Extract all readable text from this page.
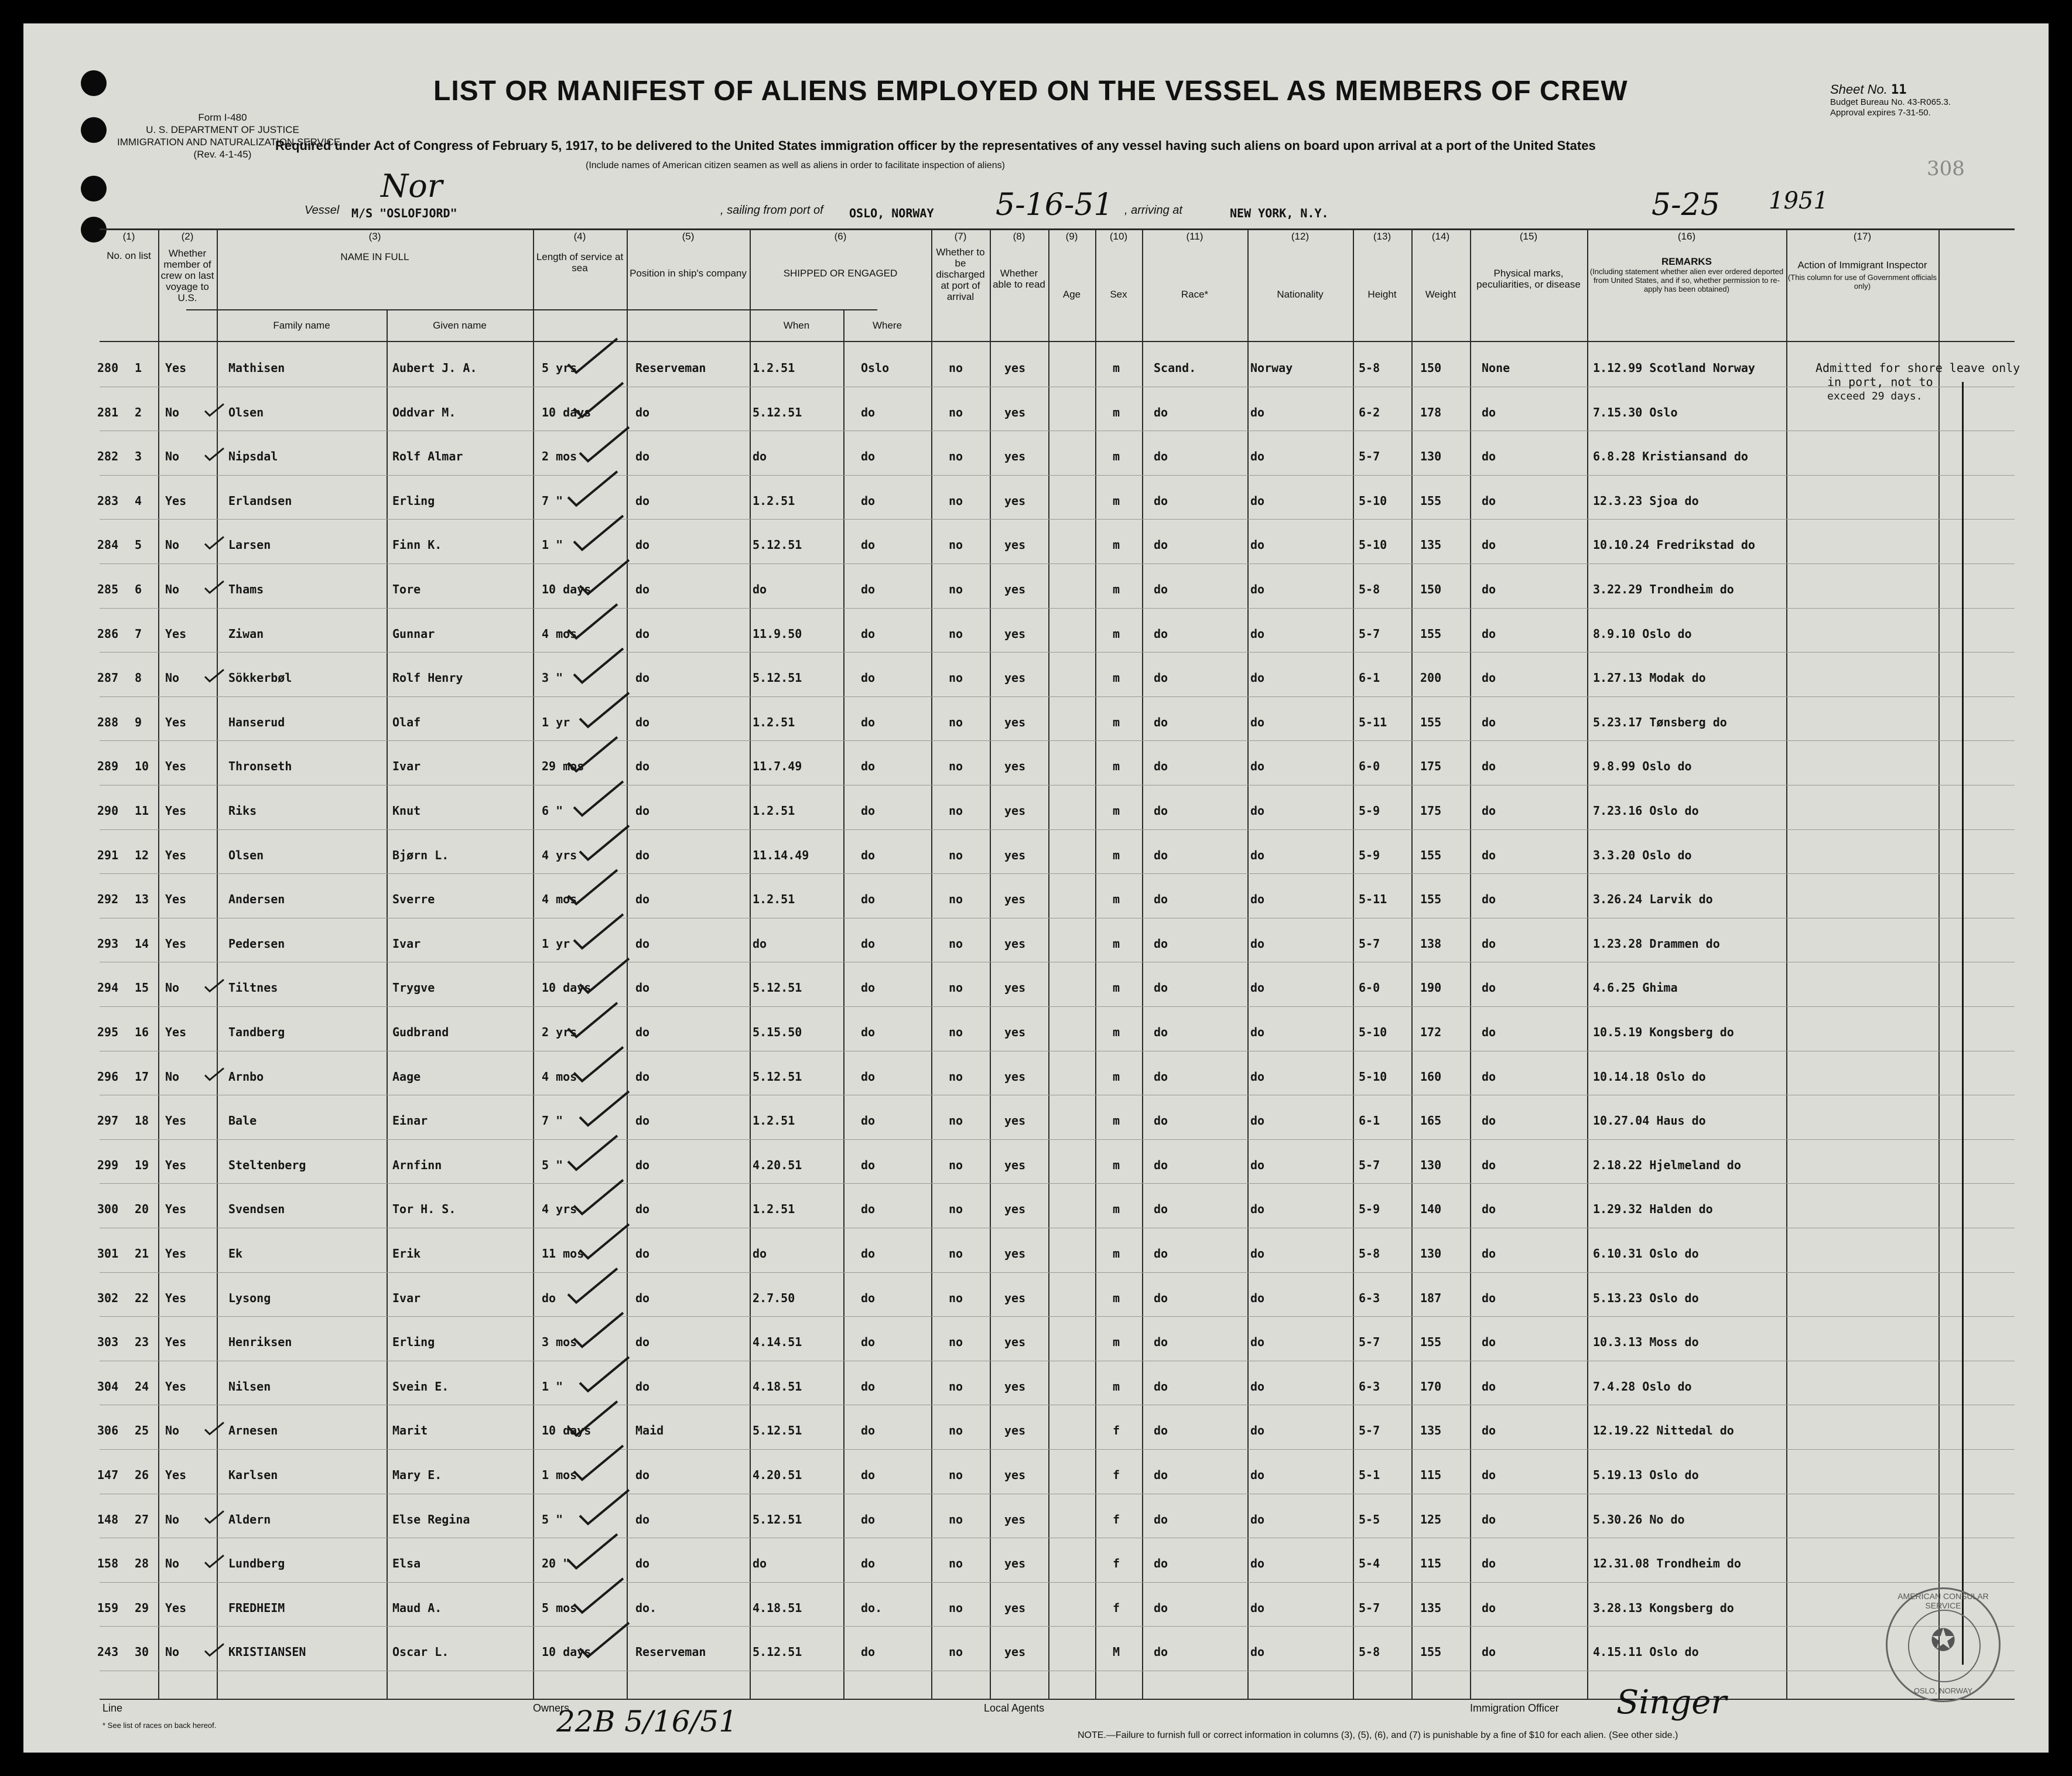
Form I-480
U. S. DEPARTMENT OF JUSTICE
IMMIGRATION AND NATURALIZATION SERVICE
(Rev. 4-1-45)
LIST OR MANIFEST OF ALIENS EMPLOYED ON THE VESSEL AS MEMBERS OF CREW	Sheet No. 11
Budget Bureau No. 43-R065.3.
Approval expires 7-31-50.
Required under Act of Congress of February 5, 1917, to be delivered to the United States immigration officer by the representatives of any vessel having such aliens on board upon arrival at a port of the United States
(Include names of American citizen seamen as well as aliens in order to facilitate inspection of aliens)	308
Vessel M/S "OSLOFJORD"
Nor
, sailing from port of OSLO, NORWAY 5-16-51 , arriving at	NEW YORK, N.Y.	5-25 1951
(1)
No. on list
(2)
Whether member of crew on last voyage to U.S.
(3)
NAME IN FULL
Family name	Given name
(4)
Length of service at sea
(5)
Position in ship's company
(6)
SHIPPED OR ENGAGED
When	Where
(7)
Whether to be discharged at port of arrival
(8)
Whether able to read
(9)
Age
(10)
Sex
(11)
Race*
(12)
Nationality
(13)
Height
(14)
Weight
(15)
Physical marks, peculiarities, or disease
(16)
REMARKS
(Including statement whether alien ever ordered deported from United States, and if so, whether permission to re-apply has been obtained)
(17)
Action of Immigrant Inspector
(This column for use of Government officials only)
280 1 Yes	Mathisen	Aubert J. A.	5 yrs	Reserveman	1.2.51	Oslo	no	yes	m	Scand.	Norway	5-8	150	None	1.12.99 Scotland Norway
281 2 No	Olsen	Oddvar M.	10 days	do	5.12.51	do	no	yes	m	do	do	6-2	178	do	7.15.30 Oslo
282 3 No	Nipsdal	Rolf Almar	2 mos	do	do	do	no	yes	m	do	do	5-7	130	do	6.8.28 Kristiansand do
283 4 Yes	Erlandsen	Erling	7 "	do	1.2.51	do	no	yes	m	do	do	5-10	155	do	12.3.23 Sjoa do
284 5 No	Larsen	Finn K.	1 "	do	5.12.51	do	no	yes	m	do	do	5-10	135	do	10.10.24 Fredrikstad do
285 6 No	Thams	Tore	10 days	do	do	do	no	yes	m	do	do	5-8	150	do	3.22.29 Trondheim do
286 7 Yes	Ziwan	Gunnar	4 mos	do	11.9.50	do	no	yes	m	do	do	5-7	155	do	8.9.10 Oslo do
287 8 No	Sökkerbøl	Rolf Henry	3 "	do	5.12.51	do	no	yes	m	do	do	6-1	200	do	1.27.13 Modak do
288 9 Yes	Hanserud	Olaf	1 yr	do	1.2.51	do	no	yes	m	do	do	5-11	155	do	5.23.17 Tønsberg do
289 10 Yes	Thronseth	Ivar	29 mos	do	11.7.49	do	no	yes	m	do	do	6-0	175	do	9.8.99 Oslo do
290 11 Yes	Riks	Knut	6 "	do	1.2.51	do	no	yes	m	do	do	5-9	175	do	7.23.16 Oslo do
291 12 Yes	Olsen	Bjørn L.	4 yrs	do	11.14.49	do	no	yes	m	do	do	5-9	155	do	3.3.20 Oslo do
292 13 Yes	Andersen	Sverre	4 mos	do	1.2.51	do	no	yes	m	do	do	5-11	155	do	3.26.24 Larvik do
293 14 Yes	Pedersen	Ivar	1 yr	do	do	do	no	yes	m	do	do	5-7	138	do	1.23.28 Drammen do
294 15 No	Tiltnes	Trygve	10 days	do	5.12.51	do	no	yes	m	do	do	6-0	190	do	4.6.25 Ghima
295 16 Yes	Tandberg	Gudbrand	2 yrs	do	5.15.50	do	no	yes	m	do	do	5-10	172	do	10.5.19 Kongsberg do
296 17 No	Arnbo	Aage	4 mos	do	5.12.51	do	no	yes	m	do	do	5-10	160	do	10.14.18 Oslo do
297 18 Yes	Bale	Einar	7 "	do	1.2.51	do	no	yes	m	do	do	6-1	165	do	10.27.04 Haus do
299 19 Yes	Steltenberg	Arnfinn	5 "	do	4.20.51	do	no	yes	m	do	do	5-7	130	do	2.18.22 Hjelmeland do
300 20 Yes	Svendsen	Tor H. S.	4 yrs	do	1.2.51	do	no	yes	m	do	do	5-9	140	do	1.29.32 Halden do
301 21 Yes	Ek	Erik	11 mos	do	do	do	no	yes	m	do	do	5-8	130	do	6.10.31 Oslo do
302 22 Yes	Lysong	Ivar	do	do	2.7.50	do	no	yes	m	do	do	6-3	187	do	5.13.23 Oslo do
303 23 Yes	Henriksen	Erling	3 mos	do	4.14.51	do	no	yes	m	do	do	5-7	155	do	10.3.13 Moss do
304 24 Yes	Nilsen	Svein E.	1 "	do	4.18.51	do	no	yes	m	do	do	6-3	170	do	7.4.28 Oslo do
306 25 No	Arnesen	Marit	10 days	Maid	5.12.51	do	no	yes	f	do	do	5-7	135	do	12.19.22 Nittedal do
147 26 Yes	Karlsen	Mary E.	1 mos	do	4.20.51	do	no	yes	f	do	do	5-1	115	do	5.19.13 Oslo do
148 27 No	Aldern	Else Regina	5 "	do	5.12.51	do	no	yes	f	do	do	5-5	125	do	5.30.26 No do
158 28 No	Lundberg	Elsa	20 "	do	do	do	no	yes	f	do	do	5-4	115	do	12.31.08 Trondheim do
159 29 Yes	FREDHEIM	Maud A.	5 mos	do.	4.18.51	do.	no	yes	f	do	do	5-7	135	do	3.28.13 Kongsberg do
243 30 No	KRISTIANSEN	Oscar L.	10 days	Reserveman	5.12.51	do	no	yes	M	do	do	5-8	155	do	4.15.11 Oslo do
Admitted for shore leave only
in port, not to
exceed 29 days.
Line
* See list of races on back hereof.
Owners
22B 5/16/51	Local Agents	Immigration Officer Singer
NOTE.—Failure to furnish full or correct information in columns (3), (5), (6), and (7) is punishable by a fine of $10 for each alien. (See other side.)
AMERICAN CONSULAR SERVICE
✪
OSLO, NORWAY
